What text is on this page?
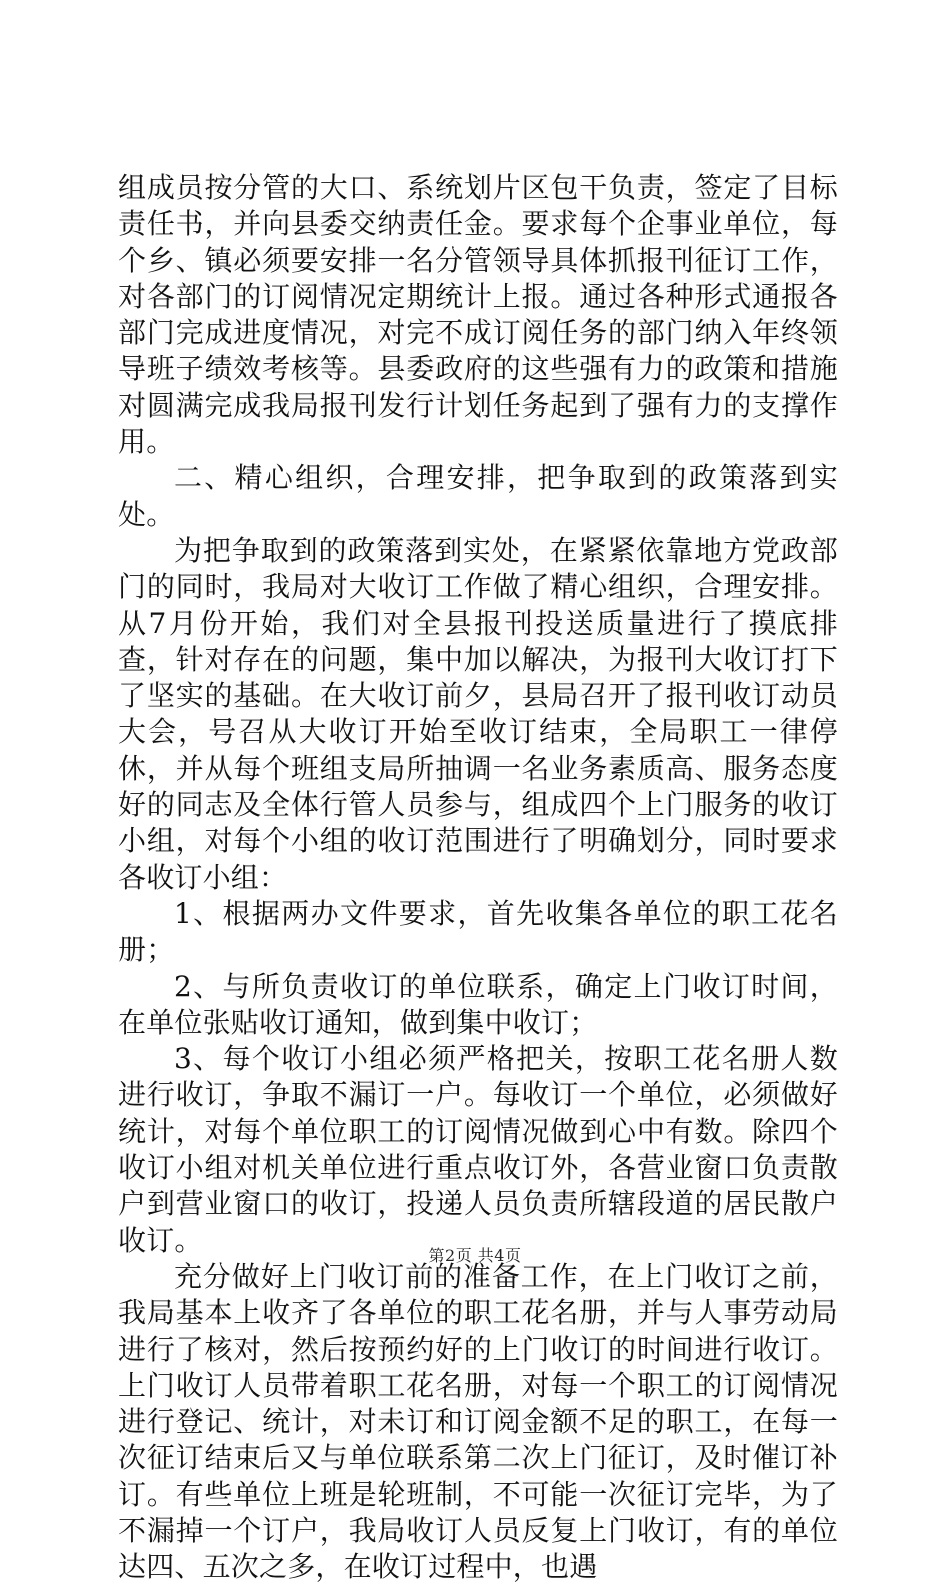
组成员按分管的大口、系统划片区包干负责，签定了目标责任书，并向县委交纳责任金。要求每个企事业单位，每个乡、镇必须要安排一名分管领导具体抓报刊征订工作，对各部门的订阅情况定期统计上报。通过各种形式通报各部门完成进度情况，对完不成订阅任务的部门纳入年终领导班子绩效考核等。县委政府的这些强有力的政策和措施对圆满完成我局报刊发行计划任务起到了强有力的支撑作用。

二、精心组织，合理安排，把争取到的政策落到实处。

为把争取到的政策落到实处，在紧紧依靠地方党政部门的同时，我局对大收订工作做了精心组织，合理安排。从7月份开始，我们对全县报刊投送质量进行了摸底排查，针对存在的问题，集中加以解决，为报刊大收订打下了坚实的基础。在大收订前夕，县局召开了报刊收订动员大会，号召从大收订开始至收订结束，全局职工一律停休，并从每个班组支局所抽调一名业务素质高、服务态度好的同志及全体行管人员参与，组成四个上门服务的收订小组，对每个小组的收订范围进行了明确划分，同时要求各收订小组：

1、根据两办文件要求，首先收集各单位的职工花名册；

2、与所负责收订的单位联系，确定上门收订时间，在单位张贴收订通知，做到集中收订；

3、每个收订小组必须严格把关，按职工花名册人数进行收订，争取不漏订一户。每收订一个单位，必须做好统计，对每个单位职工的订阅情况做到心中有数。除四个收订小组对机关单位进行重点收订外，各营业窗口负责散户到营业窗口的收订，投递人员负责所辖段道的居民散户收订。

充分做好上门收订前的准备工作，在上门收订之前，我局基本上收齐了各单位的职工花名册，并与人事劳动局进行了核对，然后按预约好的上门收订的时间进行收订。上门收订人员带着职工花名册，对每一个职工的订阅情况进行登记、统计，对未订和订阅金额不足的职工，在每一次征订结束后又与单位联系第二次上门征订，及时催订补订。有些单位上班是轮班制，不可能一次征订完毕，为了不漏掉一个订户，我局收订人员反复上门收订，有的单位达四、五次之多，在收订过程中，也遇

第2页 共4页
